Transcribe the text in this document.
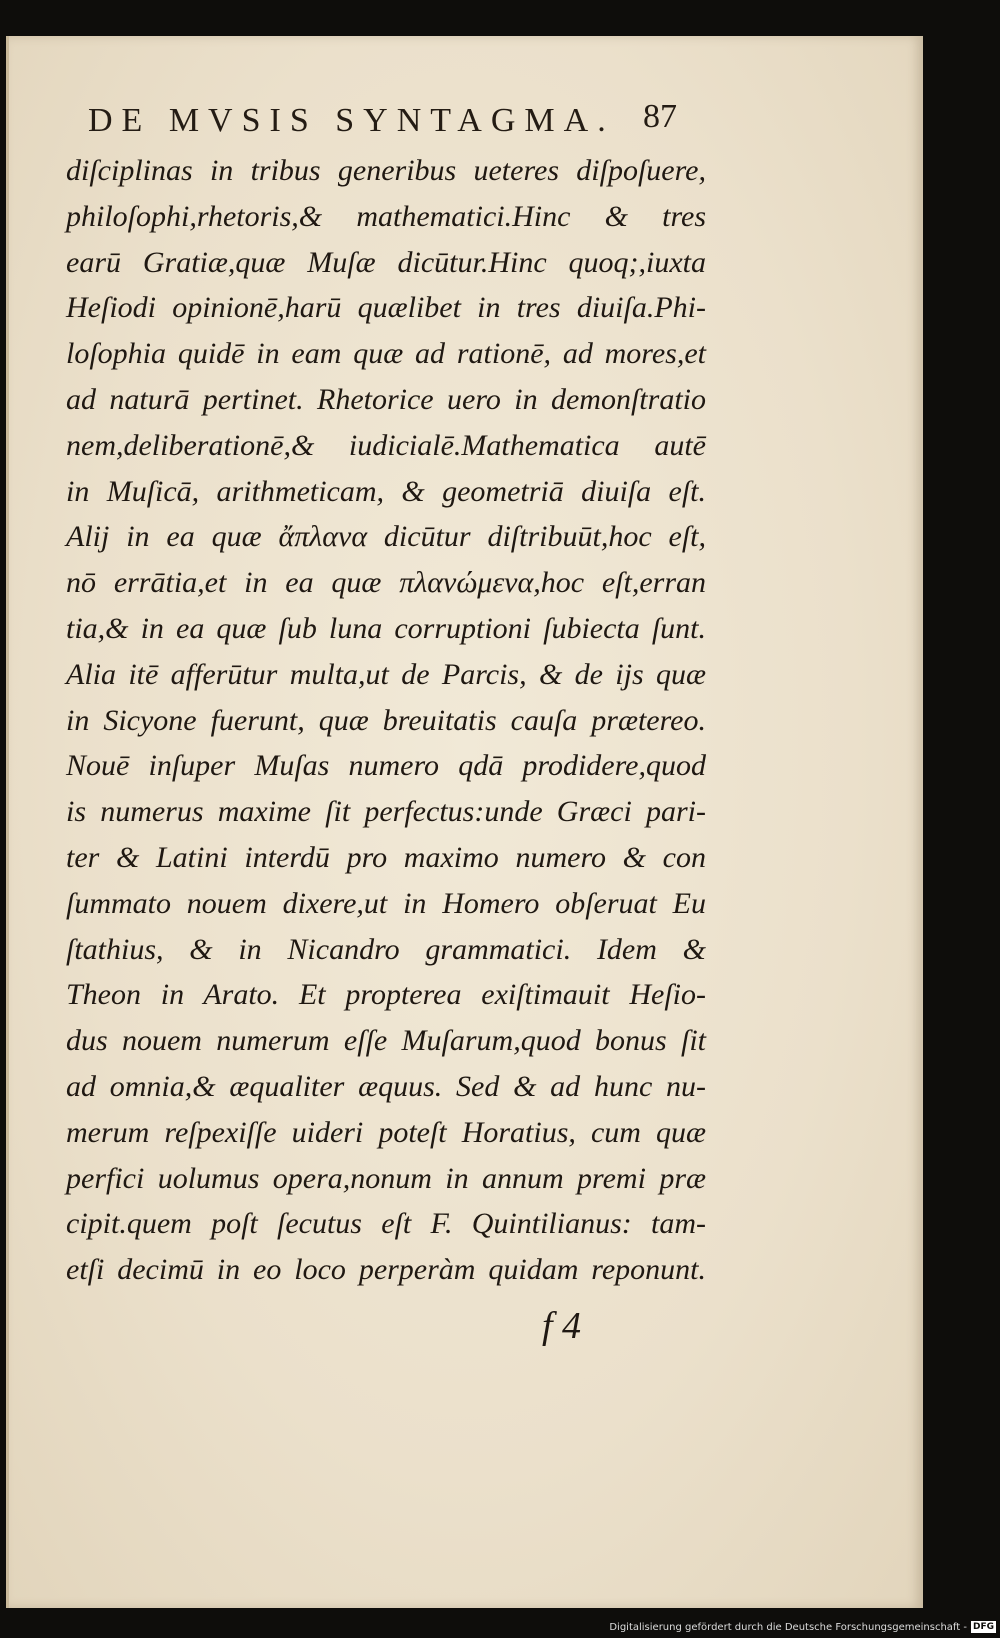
DE MVSIS SYNTAGMA. 87
diſciplinas in tribus generibus ueteres diſpoſuere,
philoſophi,rhetoris,& mathematici.Hinc & tres
earū Gratiæ,quæ Muſæ dicūtur.Hinc quoq;,iuxta
Heſiodi opinionē,harū quælibet in tres diuiſa.Phi-
loſophia quidē in eam quæ ad rationē, ad mores,et
ad naturā pertinet. Rhetorice uero in demonſtratio
nem,deliberationē,& iudicialē.Mathematica autē
in Muſicā, arithmeticam, & geometriā diuiſa eſt.
Alij in ea quæ ἄπλανα dicūtur diſtribuūt,hoc eſt,
nō errātia,et in ea quæ πλανώμενα,hoc eſt,erran
tia,& in ea quæ ſub luna corruptioni ſubiecta ſunt.
Alia itē afferūtur multa,ut de Parcis, & de ijs quæ
in Sicyone fuerunt, quæ breuitatis cauſa prætereo.
Nouē inſuper Muſas numero qdā prodidere,quod
is numerus maxime ſit perfectus:unde Græci pari-
ter & Latini interdū pro maximo numero & con
ſummato nouem dixere,ut in Homero obſeruat Eu
ſtathius, & in Nicandro grammatici. Idem &
Theon in Arato. Et propterea exiſtimauit Heſio-
dus nouem numerum eſſe Muſarum,quod bonus ſit
ad omnia,& æqualiter æquus. Sed & ad hunc nu-
merum reſpexiſſe uideri poteſt Horatius, cum quæ
perfici uolumus opera,nonum in annum premi præ
cipit.quem poſt ſecutus eſt F. Quintilianus: tam-
etſi decimū in eo loco perperàm quidam reponunt.
f 4
Digitalisierung gefördert durch die Deutsche Forschungsgemeinschaft - DFG
